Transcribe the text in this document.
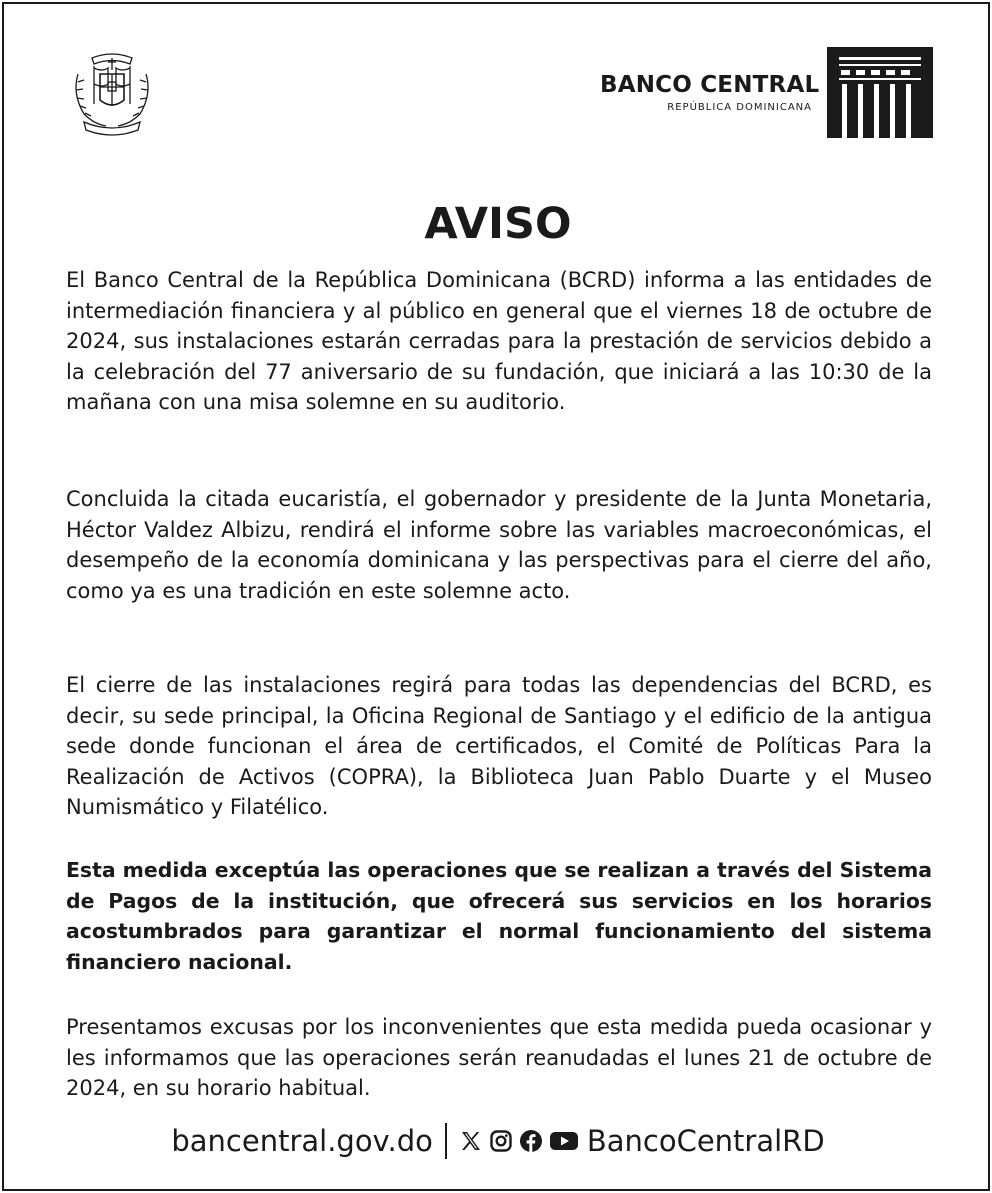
BANCO CENTRAL
REPÚBLICA DOMINICANA
AVISO

El Banco Central de la República Dominicana (BCRD) informa a las entidades de intermediación financiera y al público en general que el viernes 18 de octubre de 2024, sus instalaciones estarán cerradas para la prestación de servicios debido a la celebración del 77 aniversario de su fundación, que iniciará a las 10:30 de la mañana con una misa solemne en su auditorio.

Concluida la citada eucaristía, el gobernador y presidente de la Junta Monetaria, Héctor Valdez Albizu, rendirá el informe sobre las variables macroeconómicas, el desempeño de la economía dominicana y las perspectivas para el cierre del año, como ya es una tradición en este solemne acto.

El cierre de las instalaciones regirá para todas las dependencias del BCRD, es decir, su sede principal, la Oficina Regional de Santiago y el edificio de la antigua sede donde funcionan el área de certificados, el Comité de Políticas Para la Realización de Activos (COPRA), la Biblioteca Juan Pablo Duarte y el Museo Numismático y Filatélico.

Esta medida exceptúa las operaciones que se realizan a través del Sistema de Pagos de la institución, que ofrecerá sus servicios en los horarios acostumbrados para garantizar el normal funcionamiento del sistema financiero nacional.

Presentamos excusas por los inconvenientes que esta medida pueda ocasionar y les informamos que las operaciones serán reanudadas el lunes 21 de octubre de 2024, en su horario habitual.

bancentral.gov.do	BancoCentralRD
